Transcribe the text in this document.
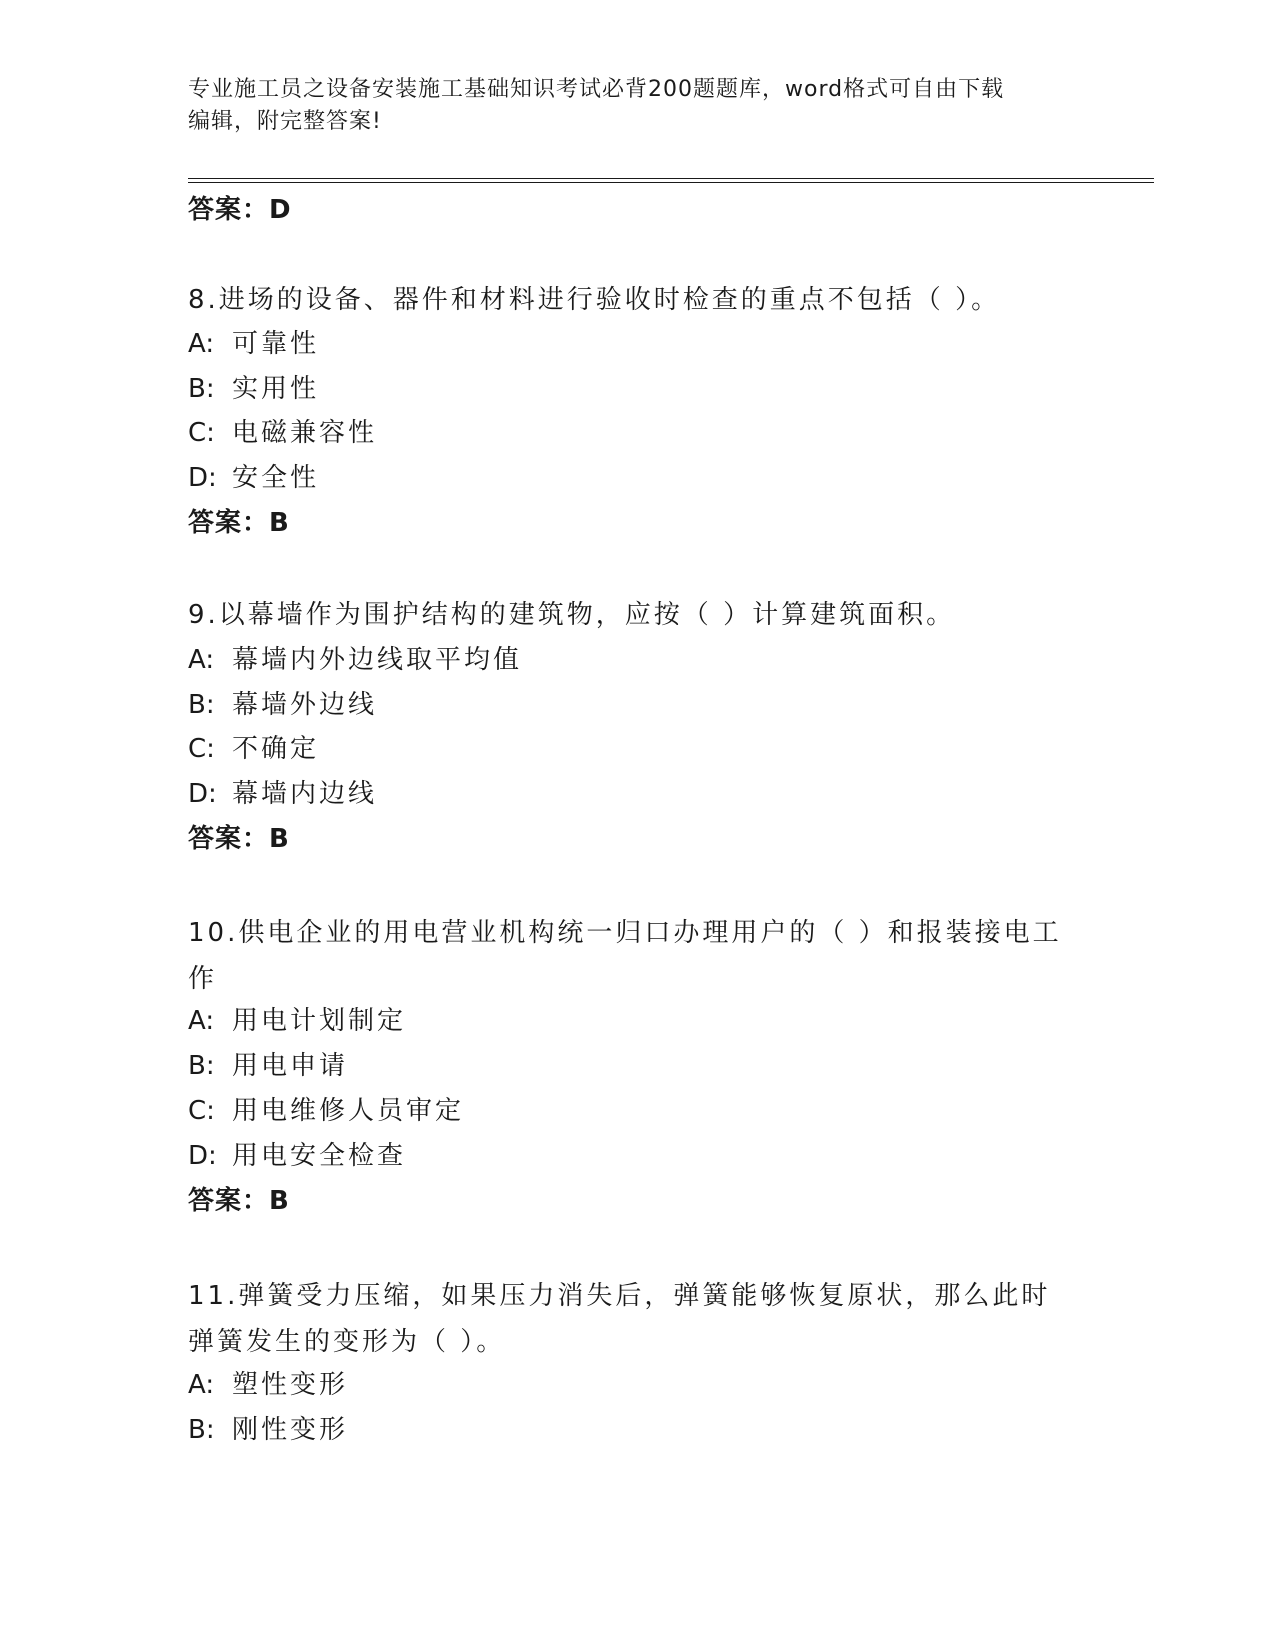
专业施工员之设备安装施工基础知识考试必背200题题库，word格式可自由下载
编辑，附完整答案!
答案：D
8.进场的设备、器件和材料进行验收时检查的重点不包括（ ）。
A: 可靠性
B: 实用性
C: 电磁兼容性
D: 安全性
答案：B
9.以幕墙作为围护结构的建筑物，应按（ ）计算建筑面积。
A: 幕墙内外边线取平均值
B: 幕墙外边线
C: 不确定
D: 幕墙内边线
答案：B
10.供电企业的用电营业机构统一归口办理用户的（ ）和报装接电工作
A: 用电计划制定
B: 用电申请
C: 用电维修人员审定
D: 用电安全检查
答案：B
11.弹簧受力压缩，如果压力消失后，弹簧能够恢复原状，那么此时弹簧发生的变形为（ ）。
A: 塑性变形
B: 刚性变形
